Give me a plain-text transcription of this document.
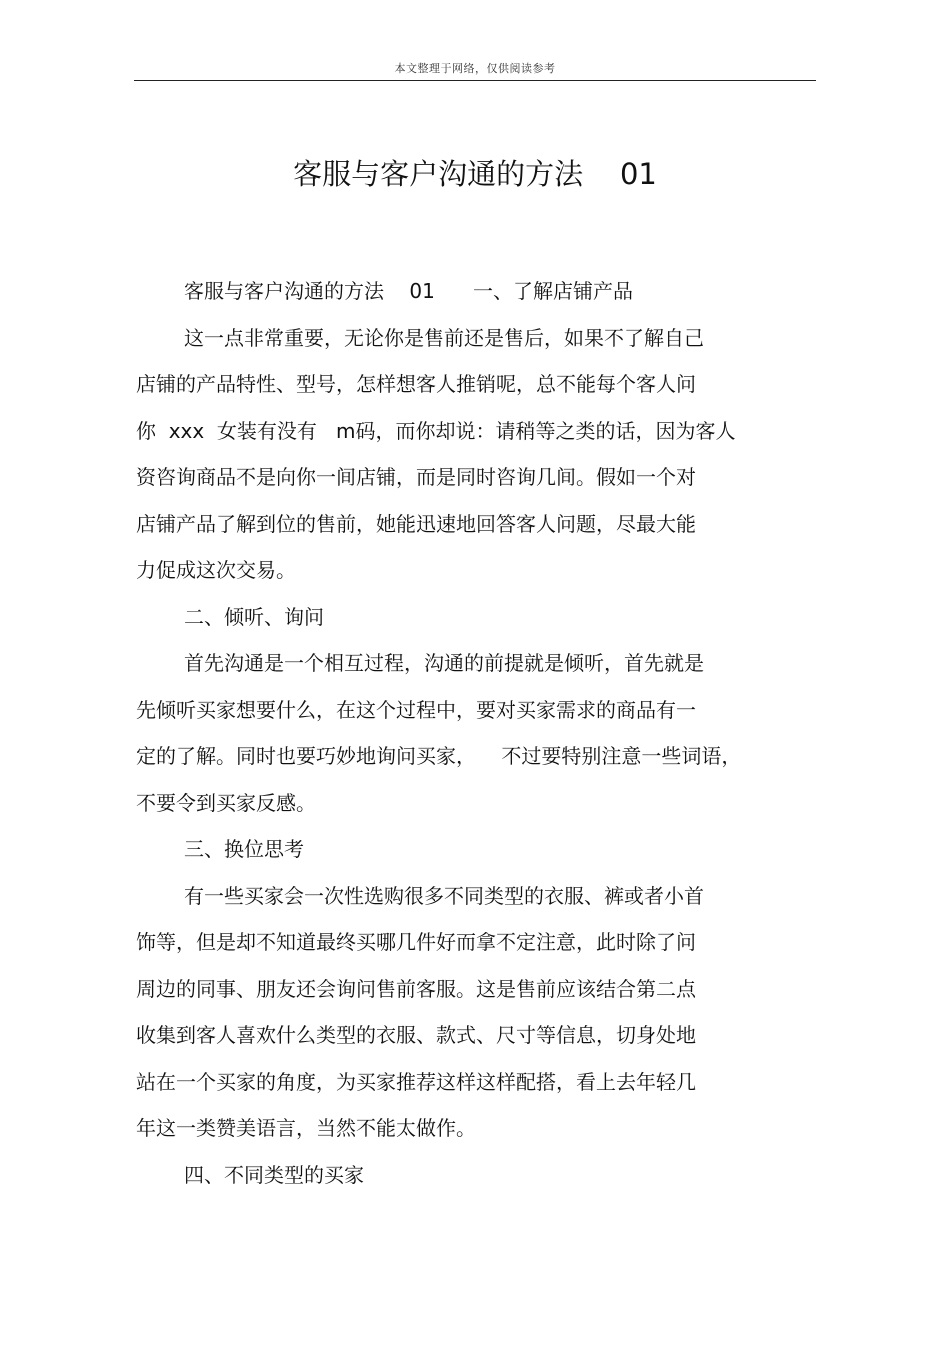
本文整理于网络，仅供阅读参考
客服与客户沟通的方法    01
客服与客户沟通的方法    01      一、了解店铺产品
这一点非常重要，无论你是售前还是售后，如果不了解自己
店铺的产品特性、型号，怎样想客人推销呢，总不能每个客人问
你  xxx  女装有没有   m码，而你却说：请稍等之类的话，因为客人
资咨询商品不是向你一间店铺，而是同时咨询几间。假如一个对
店铺产品了解到位的售前，她能迅速地回答客人问题，尽最大能
力促成这次交易。
二、倾听、询问
首先沟通是一个相互过程，沟通的前提就是倾听，首先就是
先倾听买家想要什么，在这个过程中，要对买家需求的商品有一
定的了解。同时也要巧妙地询问买家，    不过要特别注意一些词语，
不要令到买家反感。
三、换位思考
有一些买家会一次性选购很多不同类型的衣服、裤或者小首
饰等，但是却不知道最终买哪几件好而拿不定注意，此时除了问
周边的同事、朋友还会询问售前客服。这是售前应该结合第二点
收集到客人喜欢什么类型的衣服、款式、尺寸等信息，切身处地
站在一个买家的角度，为买家推荐这样这样配搭，看上去年轻几
年这一类赞美语言，当然不能太做作。
四、不同类型的买家
